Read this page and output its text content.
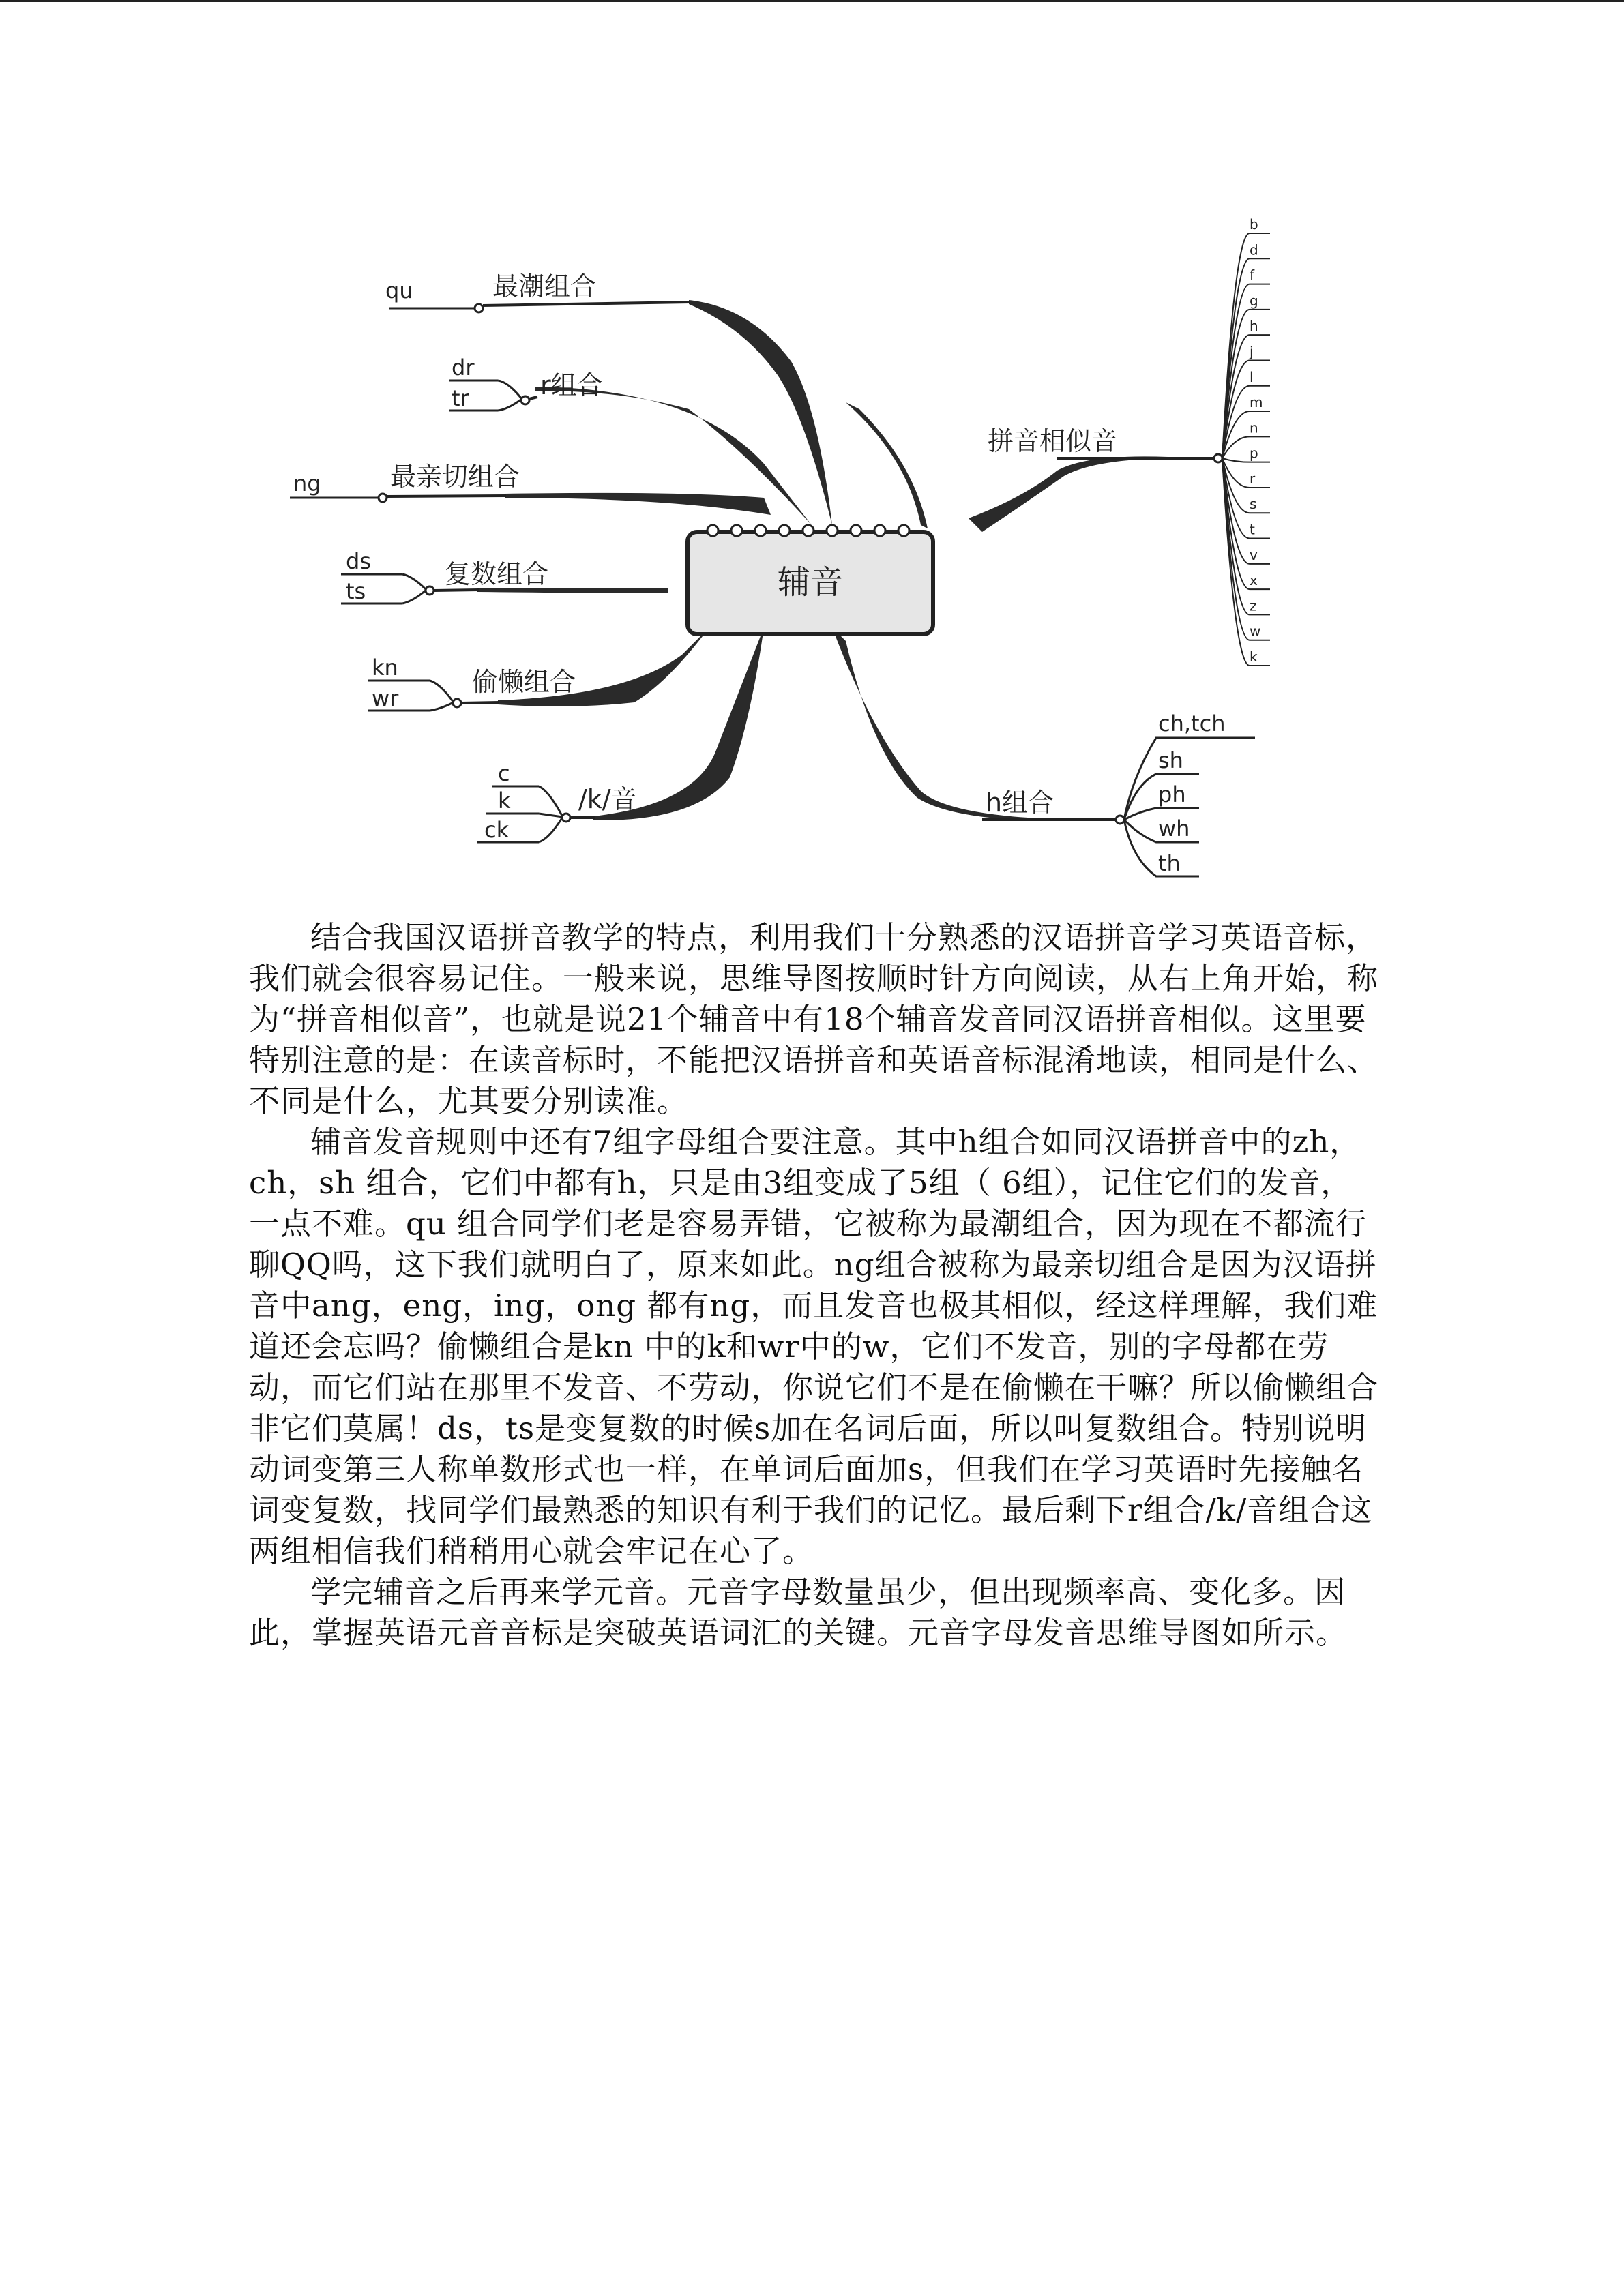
辅音
qu	最潮组合
dr
tr	r组合
ng	最亲切组合
ds
ts
复数组合
kn
wr
偷懒组合
c
k
ck
/k/音
拼音相似音
b
d
f
g
h
j
l
m
n
p
r
s
t
v
x
z
w
k
h组合
ch,tch
sh
ph
wh
th

结合我国汉语拼音教学的特点，利用我们十分熟悉的汉语拼音学习英语音标，我们就会很容易记住。一般来说，思维导图按顺时针方向阅读，从右上角开始，称为“拼音相似音”，也就是说21个辅音中有18个辅音发音同汉语拼音相似。这里要特别注意的是：在读音标时，不能把汉语拼音和英语音标混淆地读，相同是什么、不同是什么，尤其要分别读准。

辅音发音规则中还有7组字母组合要注意。其中h组合如同汉语拼音中的zh，ch，sh 组合，它们中都有h，只是由3组变成了5组（ 6组），记住它们的发音，一点不难。qu 组合同学们老是容易弄错，它被称为最潮组合，因为现在不都流行聊QQ吗，这下我们就明白了，原来如此。ng组合被称为最亲切组合是因为汉语拼音中ang，eng，ing，ong 都有ng，而且发音也极其相似，经这样理解，我们难道还会忘吗？偷懒组合是kn 中的k和wr中的w，它们不发音，别的字母都在劳动，而它们站在那里不发音、不劳动，你说它们不是在偷懒在干嘛？所以偷懒组合非它们莫属！ds，ts是变复数的时候s加在名词后面，所以叫复数组合。特别说明动词变第三人称单数形式也一样，在单词后面加s，但我们在学习英语时先接触名词变复数，找同学们最熟悉的知识有利于我们的记忆。最后剩下r组合/k/音组合这两组相信我们稍稍用心就会牢记在心了。

学完辅音之后再来学元音。元音字母数量虽少，但出现频率高、变化多。因此，掌握英语元音音标是突破英语词汇的关键。元音字母发音思维导图如所示。
